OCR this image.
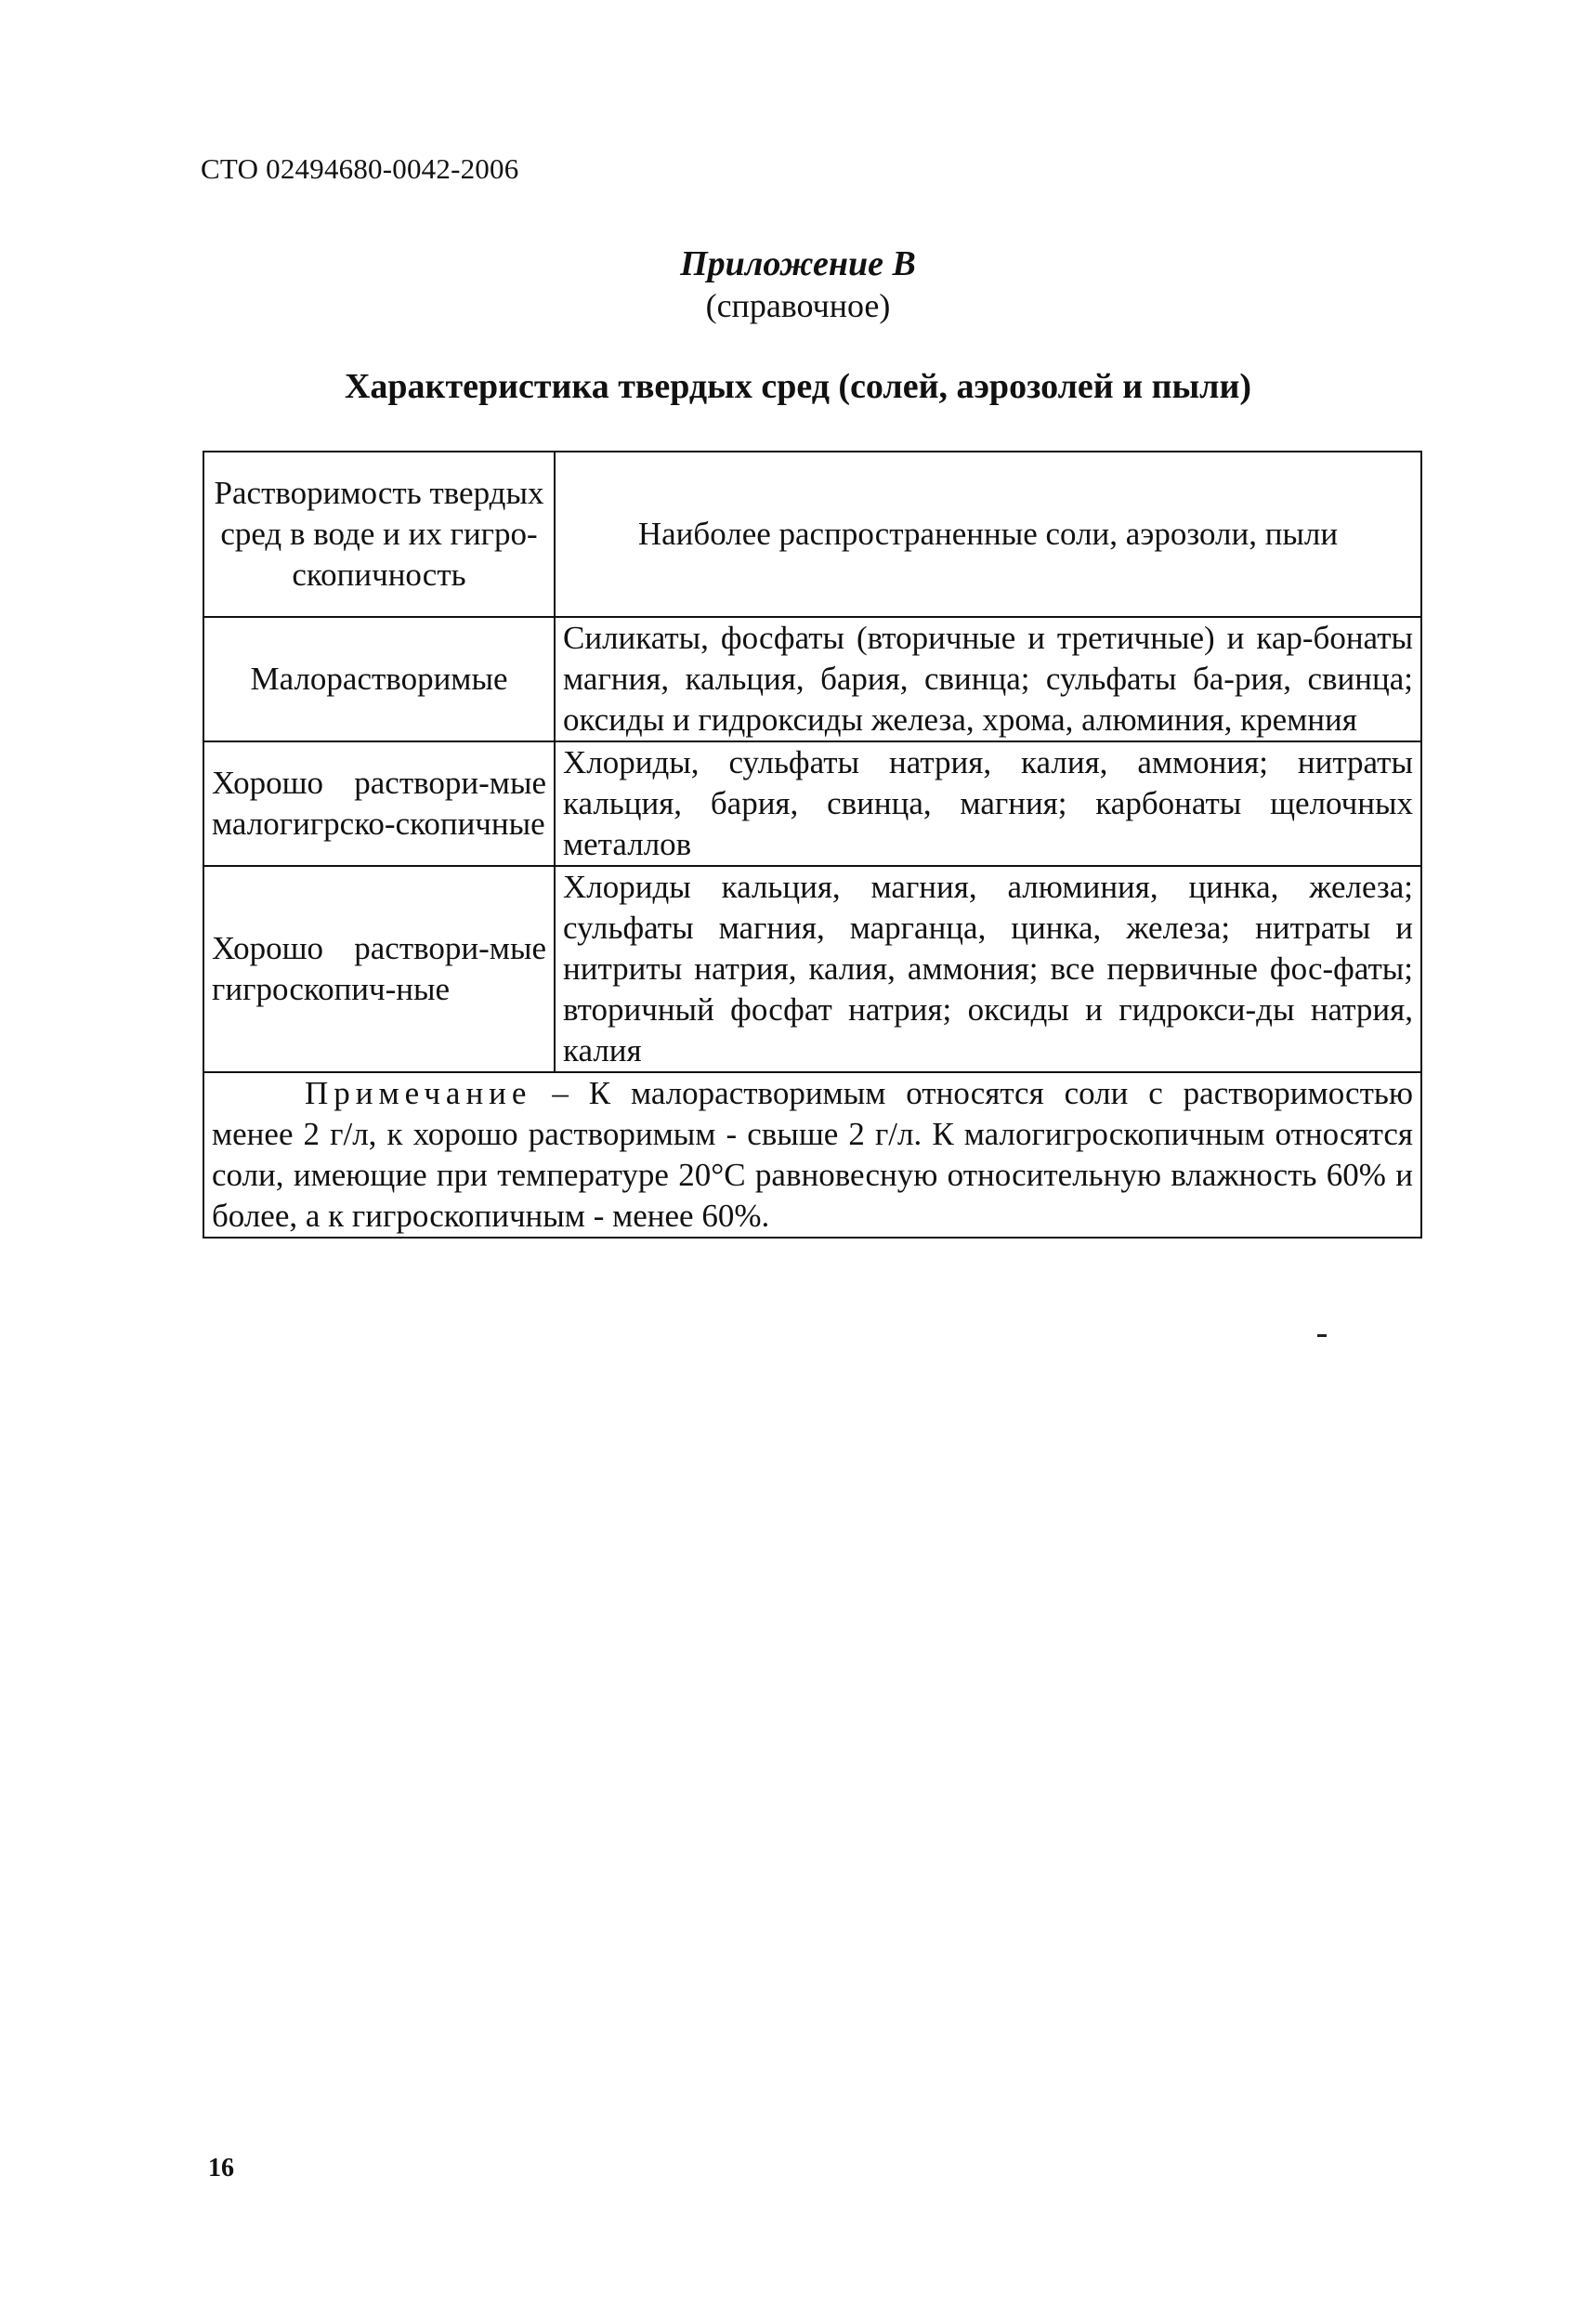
СТО 02494680-0042-2006
Приложение В
(справочное)
Характеристика твердых сред (солей, аэрозолей и пыли)
Растворимость твердых сред в воде и их гигро-скопичность	Наиболее распространенные соли, аэрозоли, пыли
Малорастворимые	Силикаты, фосфаты (вторичные и третичные) и кар-бонаты магния, кальция, бария, свинца; сульфаты ба-рия, свинца; оксиды и гидроксиды железа, хрома, алюминия, кремния
Хорошо раствори-мые малогигрско-скопичные	Хлориды, сульфаты натрия, калия, аммония; нитраты кальция, бария, свинца, магния; карбонаты щелочных металлов
Хорошо раствори-мые гигроскопич-ные	Хлориды кальция, магния, алюминия, цинка, железа; сульфаты магния, марганца, цинка, железа; нитраты и нитриты натрия, калия, аммония; все первичные фос-фаты; вторичный фосфат натрия; оксиды и гидрокси-ды натрия, калия
Примечание – К малорастворимым относятся соли с растворимостью менее 2 г/л, к хорошо растворимым - свыше 2 г/л. К малогигроскопичным относятся соли, имеющие при температуре 20°С равновесную относительную влажность 60% и более, а к гигроскопичным - менее 60%.	
16
